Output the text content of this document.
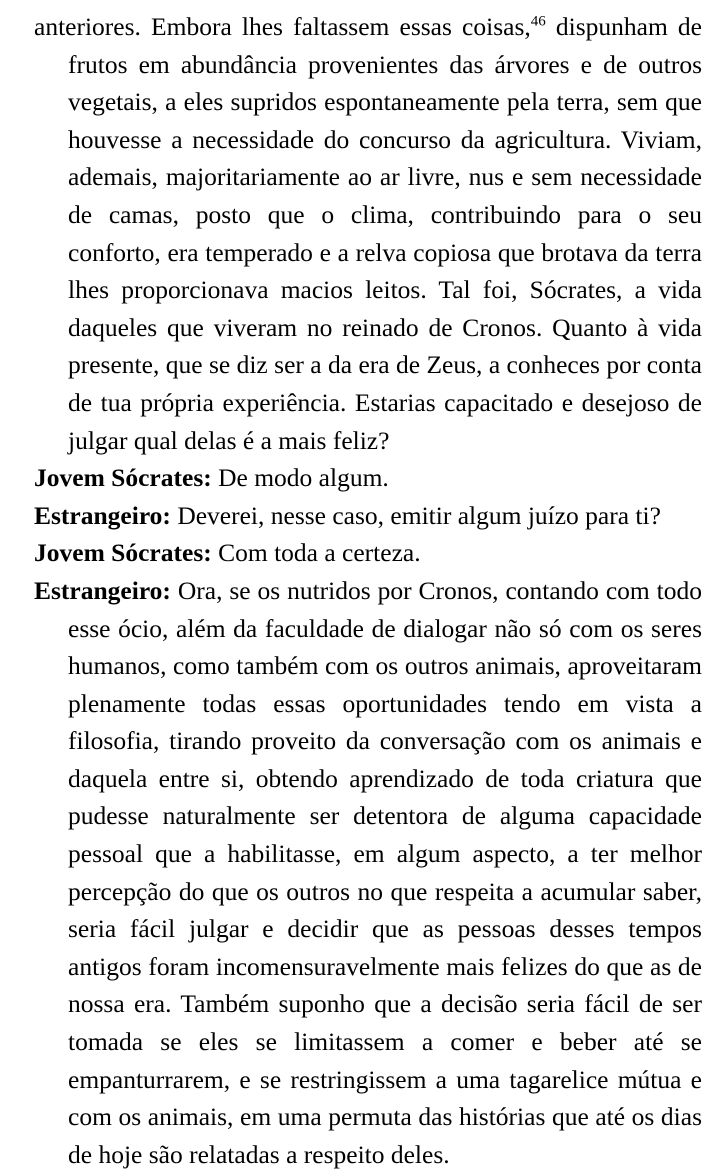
anteriores. Embora lhes faltassem essas coisas,$^{46}$ dispunham de frutos em abundância provenientes das árvores e de outros vegetais, a eles supridos espontaneamente pela terra, sem que houvesse a necessidade do concurso da agricultura. Viviam, ademais, majoritariamente ao ar livre, nus e sem necessidade de camas, posto que o clima, contribuindo para o seu conforto, era temperado e a relva copiosa que brotava da terra lhes proporcionava macios leitos. Tal foi, Sócrates, a vida daqueles que viveram no reinado de Cronos. Quanto à vida presente, que se diz ser a da era de Zeus, a conheces por conta de tua própria experiência. Estarias capacitado e desejoso de julgar qual delas é a mais feliz?

Jovem Sócrates: De modo algum.

Estrangeiro: Deverei, nesse caso, emitir algum juízo para ti?

Jovem Sócrates: Com toda a certeza.

Estrangeiro: Ora, se os nutridos por Cronos, contando com todo esse ócio, além da faculdade de dialogar não só com os seres humanos, como também com os outros animais, aproveitaram plenamente todas essas oportunidades tendo em vista a filosofia, tirando proveito da conversação com os animais e daquela entre si, obtendo aprendizado de toda criatura que pudesse naturalmente ser detentora de alguma capacidade pessoal que a habilitasse, em algum aspecto, a ter melhor percepção do que os outros no que respeita a acumular saber, seria fácil julgar e decidir que as pessoas desses tempos antigos foram incomensuravelmente mais felizes do que as de nossa era. Também suponho que a decisão seria fácil de ser tomada se eles se limitassem a comer e beber até se empanturrarem, e se restringissem a uma tagarelice mútua e com os animais, em uma permuta das histórias que até os dias de hoje são relatadas a respeito deles.
